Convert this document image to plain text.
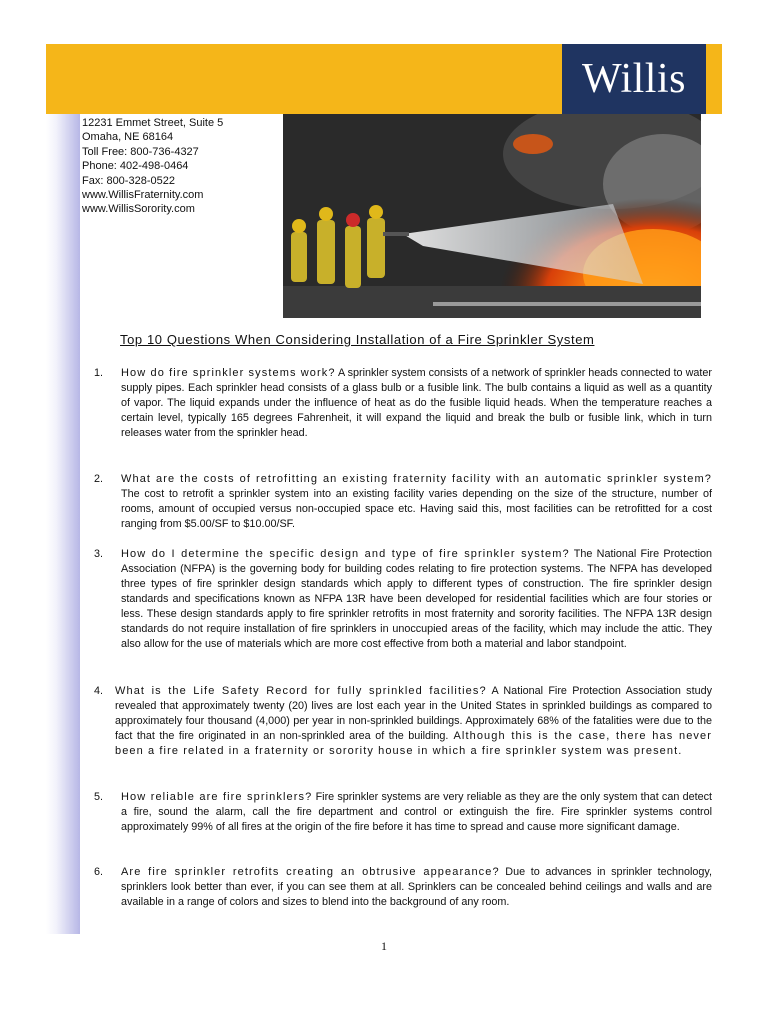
Willis
12231 Emmet Street, Suite 5
Omaha, NE 68164
Toll Free: 800-736-4327
Phone: 402-498-0464
Fax: 800-328-0522
www.WillisFraternity.com
www.WillisSorority.com
Top 10 Questions When Considering Installation of a Fire Sprinkler System
1.	How do fire sprinkler systems work? A sprinkler system consists of a network of sprinkler heads connected to water supply pipes. Each sprinkler head consists of a glass bulb or a fusible link. The bulb contains a liquid as well as a quantity of vapor. The liquid expands under the influence of heat as do the fusible liquid heads. When the temperature reaches a certain level, typically 165 degrees Fahrenheit, it will expand the liquid and break the bulb or fusible link, which in turn releases water from the sprinkler head.
2.	What are the costs of retrofitting an existing fraternity facility with an automatic sprinkler system? The cost to retrofit a sprinkler system into an existing facility varies depending on the size of the structure, number of rooms, amount of occupied versus non-occupied space etc. Having said this, most facilities can be retrofitted for a cost ranging from $5.00/SF to $10.00/SF.
3.	How do I determine the specific design and type of fire sprinkler system? The National Fire Protection Association (NFPA) is the governing body for building codes relating to fire protection systems. The NFPA has developed three types of fire sprinkler design standards which apply to different types of construction. The fire sprinkler design standards and specifications known as NFPA 13R have been developed for residential facilities which are four stories or less. These design standards apply to fire sprinkler retrofits in most fraternity and sorority facilities. The NFPA 13R design standards do not require installation of fire sprinklers in unoccupied areas of the facility, which may include the attic. They also allow for the use of materials which are more cost effective from both a material and labor standpoint.
4.	What is the Life Safety Record for fully sprinkled facilities? A National Fire Protection Association study revealed that approximately twenty (20) lives are lost each year in the United States in sprinkled buildings as compared to approximately four thousand (4,000) per year in non-sprinkled buildings. Approximately 68% of the fatalities were due to the fact that the fire originated in an non-sprinkled area of the building. Although this is the case, there has never been a fire related in a fraternity or sorority house in which a fire sprinkler system was present.
5.	How reliable are fire sprinklers? Fire sprinkler systems are very reliable as they are the only system that can detect a fire, sound the alarm, call the fire department and control or extinguish the fire. Fire sprinkler systems control approximately 99% of all fires at the origin of the fire before it has time to spread and cause more significant damage.
6.	Are fire sprinkler retrofits creating an obtrusive appearance? Due to advances in sprinkler technology, sprinklers look better than ever, if you can see them at all. Sprinklers can be concealed behind ceilings and walls and are available in a range of colors and sizes to blend into the background of any room.
1
